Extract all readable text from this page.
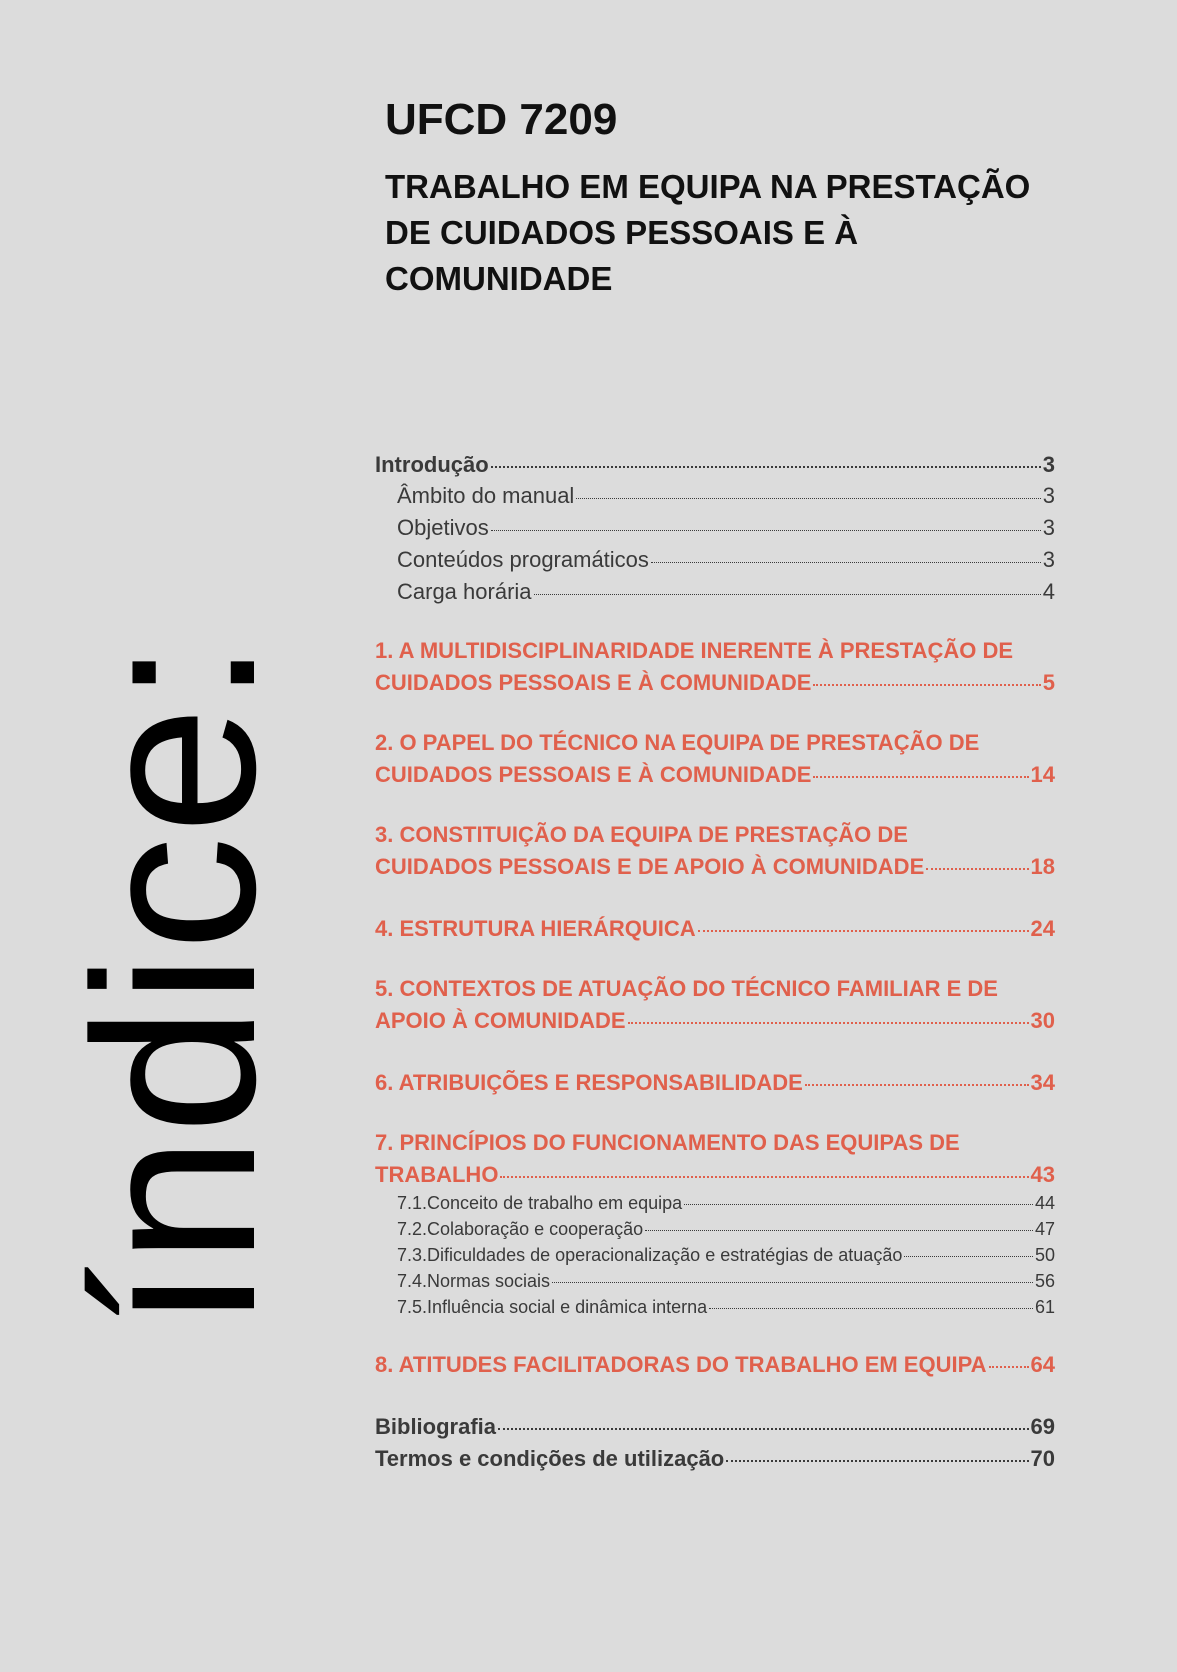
UFCD 7209

TRABALHO EM EQUIPA NA PRESTAÇÃO
DE CUIDADOS PESSOAIS E À
COMUNIDADE

índice:
Introdução	3
Âmbito do manual	3
Objetivos	3
Conteúdos programáticos	3
Carga horária	4
1. A MULTIDISCIPLINARIDADE INERENTE À PRESTAÇÃO DE
CUIDADOS PESSOAIS E À COMUNIDADE	5
2. O PAPEL DO TÉCNICO NA EQUIPA DE PRESTAÇÃO DE
CUIDADOS PESSOAIS E À COMUNIDADE	14
3. CONSTITUIÇÃO DA EQUIPA DE PRESTAÇÃO DE
CUIDADOS PESSOAIS E DE APOIO À COMUNIDADE	18
4. ESTRUTURA HIERÁRQUICA	24
5. CONTEXTOS DE ATUAÇÃO DO TÉCNICO FAMILIAR E DE
APOIO À COMUNIDADE	30
6. ATRIBUIÇÕES E RESPONSABILIDADE	34
7. PRINCÍPIOS DO FUNCIONAMENTO DAS EQUIPAS DE
TRABALHO	43
7.1.Conceito de trabalho em equipa	44
7.2.Colaboração e cooperação	47
7.3.Dificuldades de operacionalização e estratégias de atuação	50
7.4.Normas sociais	56
7.5.Influência social e dinâmica interna	61
8. ATITUDES FACILITADORAS DO TRABALHO EM EQUIPA 64
Bibliografia	69
Termos e condições de utilização	70
